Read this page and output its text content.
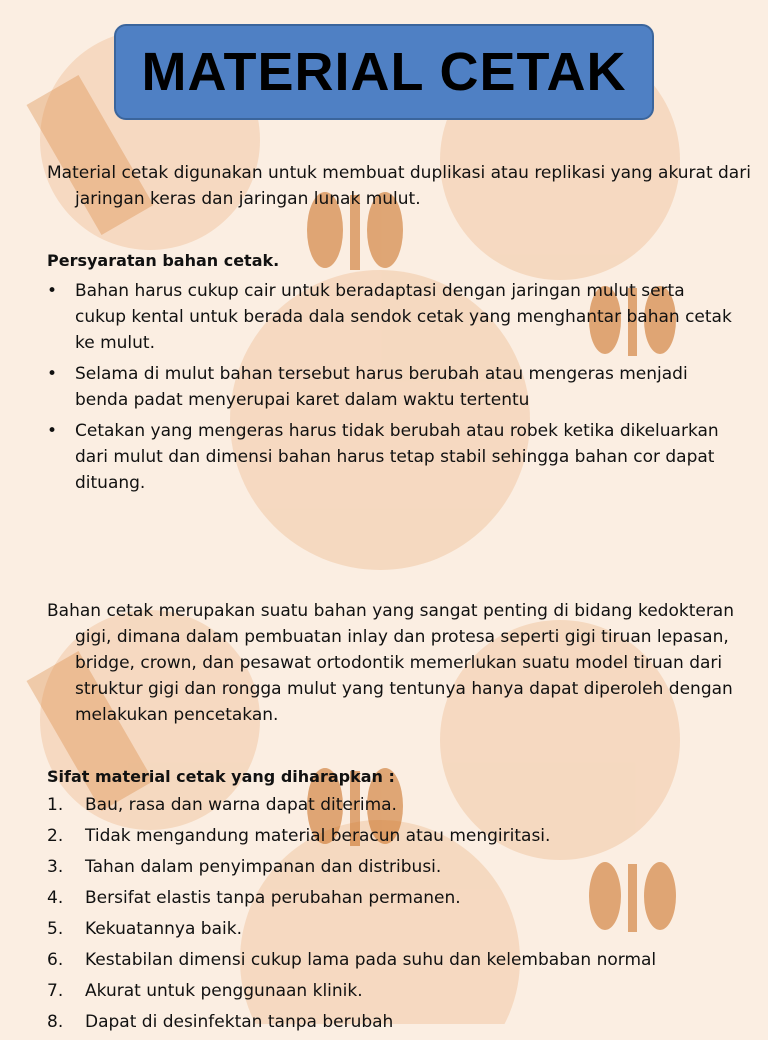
MATERIAL CETAK

Material cetak digunakan untuk membuat duplikasi atau replikasi yang akurat dari jaringan keras dan jaringan lunak mulut.

Persyaratan bahan cetak.
•	Bahan harus cukup cair untuk beradaptasi dengan jaringan mulut serta cukup kental untuk berada dala sendok cetak yang menghantar bahan cetak ke mulut.
•	Selama di mulut bahan tersebut harus berubah atau mengeras menjadi benda padat menyerupai karet dalam waktu tertentu
•	Cetakan yang mengeras harus tidak berubah atau robek ketika dikeluarkan dari mulut dan dimensi bahan harus tetap stabil sehingga bahan cor dapat dituang.

Bahan cetak merupakan suatu bahan yang sangat penting di bidang kedokteran gigi, dimana dalam pembuatan inlay dan protesa seperti gigi tiruan lepasan, bridge, crown, dan pesawat ortodontik memerlukan suatu model tiruan dari struktur gigi dan rongga mulut yang tentunya hanya dapat diperoleh dengan melakukan pencetakan.

Sifat material cetak yang diharapkan :
1.	Bau, rasa dan warna dapat diterima.
2.	Tidak mengandung material beracun atau mengiritasi.
3.	Tahan dalam penyimpanan dan distribusi.
4.	Bersifat elastis tanpa perubahan permanen.
5.	Kekuatannya baik.
6.	Kestabilan dimensi cukup lama pada suhu dan kelembaban normal
7.	Akurat untuk penggunaan klinik.
8.	Dapat di desinfektan tanpa berubah
